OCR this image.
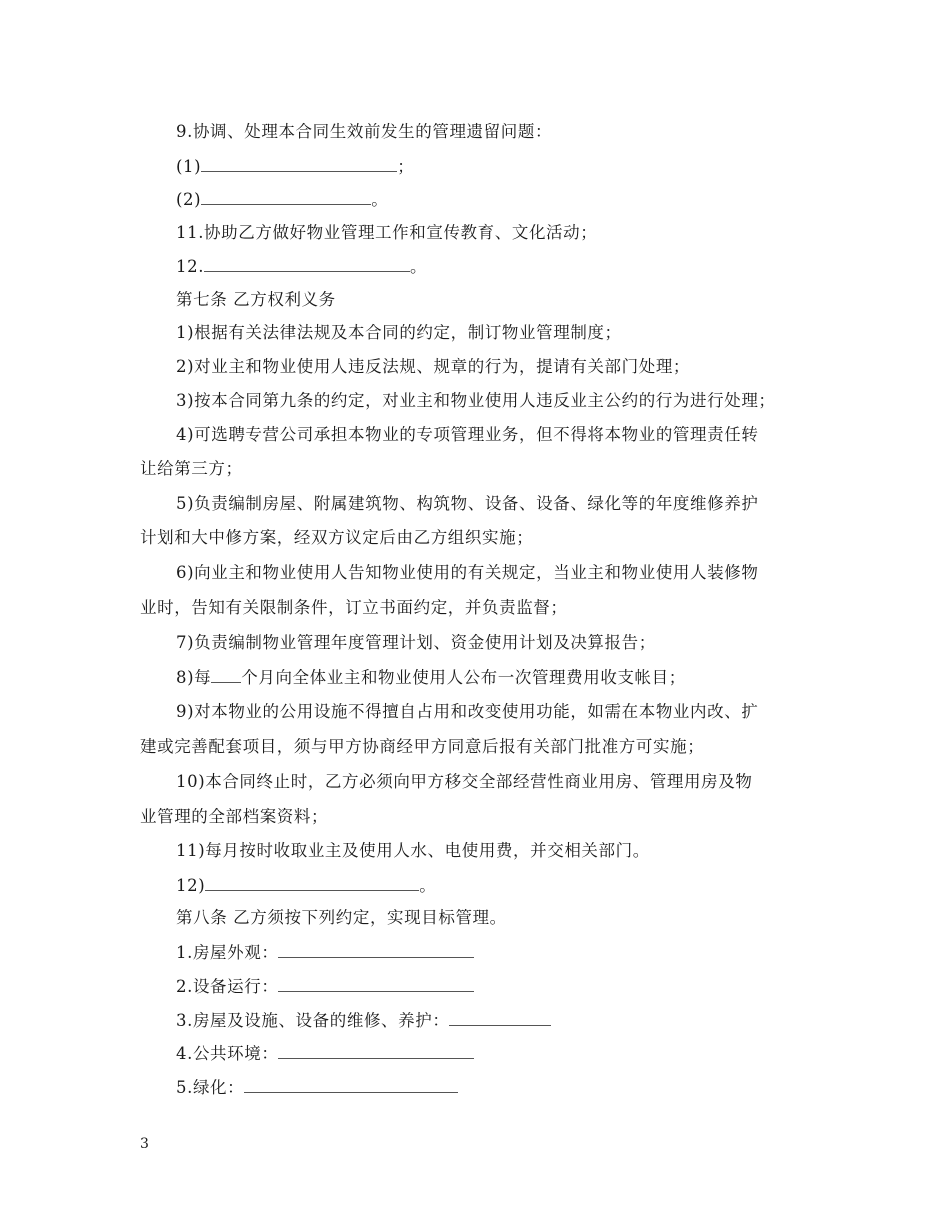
9.协调、处理本合同生效前发生的管理遗留问题：
(1)	；
(2)	。
11.协助乙方做好物业管理工作和宣传教育、文化活动；
12.	。
第七条 乙方权利义务
1)根据有关法律法规及本合同的约定，制订物业管理制度；
2)对业主和物业使用人违反法规、规章的行为，提请有关部门处理；
3)按本合同第九条的约定，对业主和物业使用人违反业主公约的行为进行处理；
4)可选聘专营公司承担本物业的专项管理业务，但不得将本物业的管理责任转
让给第三方；
5)负责编制房屋、附属建筑物、构筑物、设备、设备、绿化等的年度维修养护
计划和大中修方案，经双方议定后由乙方组织实施；
6)向业主和物业使用人告知物业使用的有关规定，当业主和物业使用人装修物
业时，告知有关限制条件，订立书面约定，并负责监督；
7)负责编制物业管理年度管理计划、资金使用计划及决算报告；
8)每 个月向全体业主和物业使用人公布一次管理费用收支帐目；
9)对本物业的公用设施不得擅自占用和改变使用功能，如需在本物业内改、扩
建或完善配套项目，须与甲方协商经甲方同意后报有关部门批准方可实施；
10)本合同终止时，乙方必须向甲方移交全部经营性商业用房、管理用房及物
业管理的全部档案资料；
11)每月按时收取业主及使用人水、电使用费，并交相关部门。
12)	。
第八条 乙方须按下列约定，实现目标管理。
1.房屋外观：
2.设备运行：
3.房屋及设施、设备的维修、养护：
4.公共环境：
5.绿化：
3
